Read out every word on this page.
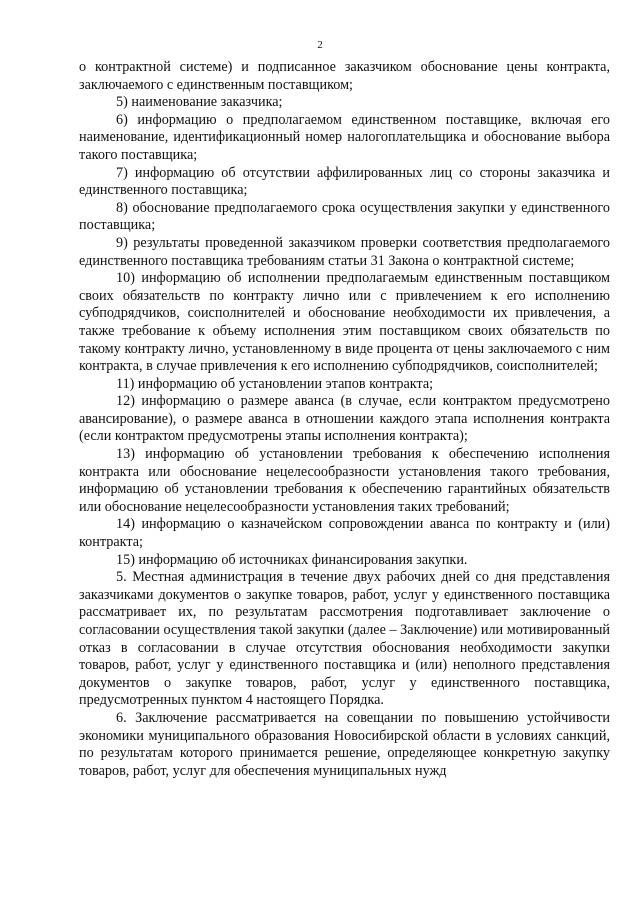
2

о контрактной системе) и подписанное заказчиком обоснование цены контракта, заключаемого с единственным поставщиком;

5) наименование заказчика;

6) информацию о предполагаемом единственном поставщике, включая его наименование, идентификационный номер налогоплательщика и обоснование выбора такого поставщика;

7) информацию об отсутствии аффилированных лиц со стороны заказчика и единственного поставщика;

8) обоснование предполагаемого срока осуществления закупки у единственного поставщика;

9) результаты проведенной заказчиком проверки соответствия предполагаемого единственного поставщика требованиям статьи 31 Закона о контрактной системе;

10) информацию об исполнении предполагаемым единственным поставщиком своих обязательств по контракту лично или с привлечением к его исполнению субподрядчиков, соисполнителей и обоснование необходимости их привлечения, а также требование к объему исполнения этим поставщиком своих обязательств по такому контракту лично, установленному в виде процента от цены заключаемого с ним контракта, в случае привлечения к его исполнению субподрядчиков, соисполнителей;

11) информацию об установлении этапов контракта;

12) информацию о размере аванса (в случае, если контрактом предусмотрено авансирование), о размере аванса в отношении каждого этапа исполнения контракта (если контрактом предусмотрены этапы исполнения контракта);

13) информацию об установлении требования к обеспечению исполнения контракта или обоснование нецелесообразности установления такого требования, информацию об установлении требования к обеспечению гарантийных обязательств или обоснование нецелесообразности установления таких требований;

14) информацию о казначейском сопровождении аванса по контракту и (или) контракта;

15) информацию об источниках финансирования закупки.

5. Местная администрация в течение двух рабочих дней со дня представления заказчиками документов о закупке товаров, работ, услуг у единственного поставщика рассматривает их, по результатам рассмотрения подготавливает заключение о согласовании осуществления такой закупки (далее – Заключение) или мотивированный отказ в согласовании в случае отсутствия обоснования необходимости закупки товаров, работ, услуг у единственного поставщика и (или) неполного представления документов о закупке товаров, работ, услуг у единственного поставщика, предусмотренных пунктом 4 настоящего Порядка.

6. Заключение рассматривается на совещании по повышению устойчивости экономики муниципального образования Новосибирской области в условиях санкций, по результатам которого принимается решение, определяющее конкретную закупку товаров, работ, услуг для обеспечения муниципальных нужд
